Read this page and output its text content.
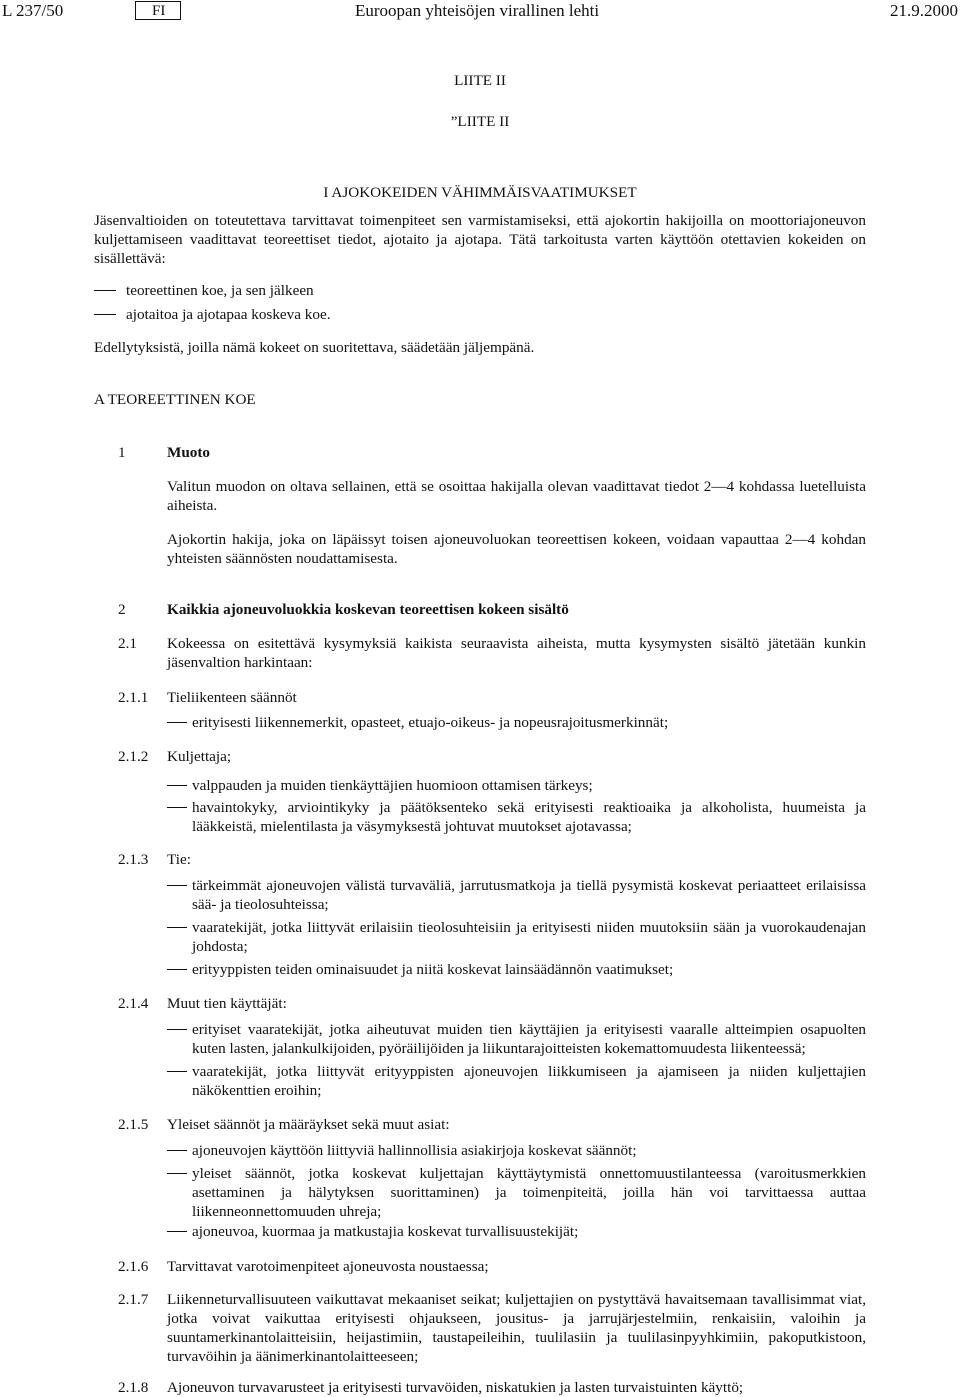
L 237/50	FI	Euroopan yhteisöjen virallinen lehti	21.9.2000
LIITE II
”LIITE II
I AJOKOKEIDEN VÄHIMMÄISVAATIMUKSET
Jäsenvaltioiden on toteutettava tarvittavat toimenpiteet sen varmistamiseksi, että ajokortin hakijoilla on moottoriajoneuvon kuljettamiseen vaadittavat teoreettiset tiedot, ajotaito ja ajotapa. Tätä tarkoitusta varten käyttöön otettavien kokeiden on sisällettävä:
teoreettinen koe, ja sen jälkeen
ajotaitoa ja ajotapaa koskeva koe.
Edellytyksistä, joilla nämä kokeet on suoritettava, säädetään jäljempänä.
A TEOREETTINEN KOE
1	Muoto
Valitun muodon on oltava sellainen, että se osoittaa hakijalla olevan vaadittavat tiedot 2—4 kohdassa luetelluista aiheista.
Ajokortin hakija, joka on läpäissyt toisen ajoneuvoluokan teoreettisen kokeen, voidaan vapauttaa 2—4 kohdan yhteisten säännösten noudattamisesta.
2	Kaikkia ajoneuvoluokkia koskevan teoreettisen kokeen sisältö
2.1 Kokeessa on esitettävä kysymyksiä kaikista seuraavista aiheista, mutta kysymysten sisältö jätetään kunkin jäsenvaltion harkintaan:
2.1.1 Tieliikenteen säännöt
erityisesti liikennemerkit, opasteet, etuajo-oikeus- ja nopeusrajoitusmerkinnät;
2.1.2 Kuljettaja;
valppauden ja muiden tienkäyttäjien huomioon ottamisen tärkeys;
havaintokyky, arviointikyky ja päätöksenteko sekä erityisesti reaktioaika ja alkoholista, huumeista ja lääkkeistä, mielentilasta ja väsymyksestä johtuvat muutokset ajotavassa;
2.1.3 Tie:
tärkeimmät ajoneuvojen välistä turvaväliä, jarrutusmatkoja ja tiellä pysymistä koskevat periaatteet erilaisissa sää- ja tieolosuhteissa;
vaaratekijät, jotka liittyvät erilaisiin tieolosuhteisiin ja erityisesti niiden muutoksiin sään ja vuorokaudenajan johdosta;
erityyppisten teiden ominaisuudet ja niitä koskevat lainsäädännön vaatimukset;
2.1.4 Muut tien käyttäjät:
erityiset vaaratekijät, jotka aiheutuvat muiden tien käyttäjien ja erityisesti vaaralle altteimpien osapuolten kuten lasten, jalankulkijoiden, pyöräilijöiden ja liikuntarajoitteisten kokemattomuudesta liikenteessä;
vaaratekijät, jotka liittyvät erityyppisten ajoneuvojen liikkumiseen ja ajamiseen ja niiden kuljettajien näkökenttien eroihin;
2.1.5 Yleiset säännöt ja määräykset sekä muut asiat:
ajoneuvojen käyttöön liittyviä hallinnollisia asiakirjoja koskevat säännöt;
yleiset säännöt, jotka koskevat kuljettajan käyttäytymistä onnettomuustilanteessa (varoitusmerkkien asettaminen ja hälytyksen suorittaminen) ja toimenpiteitä, joilla hän voi tarvittaessa auttaa liikenneonnettomuuden uhreja;
ajoneuvoa, kuormaa ja matkustajia koskevat turvallisuustekijät;
2.1.6 Tarvittavat varotoimenpiteet ajoneuvosta noustaessa;
2.1.7 Liikenneturvallisuuteen vaikuttavat mekaaniset seikat; kuljettajien on pystyttävä havaitsemaan tavallisimmat viat, jotka voivat vaikuttaa erityisesti ohjaukseen, jousitus- ja jarrujärjestelmiin, renkaisiin, valoihin ja suuntamerkinantolaitteisiin, heijastimiin, taustapeileihin, tuulilasiin ja tuulilasinpyyhkimiin, pakoputkistoon, turvavöihin ja äänimerkinantolaitteeseen;
2.1.8 Ajoneuvon turvavarusteet ja erityisesti turvavöiden, niskatukien ja lasten turvaistuinten käyttö;
